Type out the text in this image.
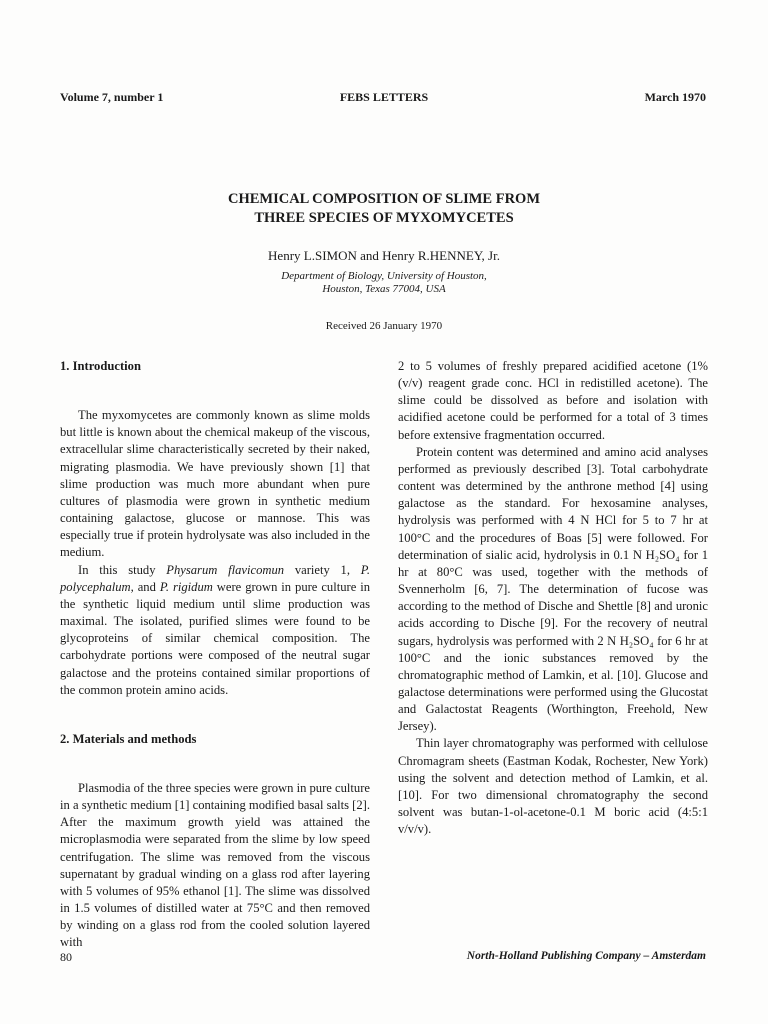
Volume 7, number 1	FEBS LETTERS	March 1970
CHEMICAL COMPOSITION OF SLIME FROM
THREE SPECIES OF MYXOMYCETES
Henry L.SIMON and Henry R.HENNEY, Jr.
Department of Biology, University of Houston,
Houston, Texas 77004, USA
Received 26 January 1970

1. Introduction

The myxomycetes are commonly known as slime molds but little is known about the chemical makeup of the viscous, extracellular slime characteristically secreted by their naked, migrating plasmodia. We have previously shown [1] that slime production was much more abundant when pure cultures of plasmodia were grown in synthetic medium containing galactose, glucose or mannose. This was especially true if protein hydrolysate was also included in the medium.

In this study Physarum flavicomun variety 1, P. polycephalum, and P. rigidum were grown in pure culture in the synthetic liquid medium until slime production was maximal. The isolated, purified slimes were found to be glycoproteins of similar chemical composition. The carbohydrate portions were composed of the neutral sugar galactose and the proteins contained similar proportions of the common protein amino acids.

2. Materials and methods

Plasmodia of the three species were grown in pure culture in a synthetic medium [1] containing modified basal salts [2]. After the maximum growth yield was attained the microplasmodia were separated from the slime by low speed centrifugation. The slime was removed from the viscous supernatant by gradual winding on a glass rod after layering with 5 volumes of 95% ethanol [1]. The slime was dissolved in 1.5 volumes of distilled water at 75°C and then removed by winding on a glass rod from the cooled solution layered with

2 to 5 volumes of freshly prepared acidified acetone (1% (v/v) reagent grade conc. HCl in redistilled acetone). The slime could be dissolved as before and isolation with acidified acetone could be performed for a total of 3 times before extensive fragmentation occurred.

Protein content was determined and amino acid analyses performed as previously described [3]. Total carbohydrate content was determined by the anthrone method [4] using galactose as the standard. For hexosamine analyses, hydrolysis was performed with 4 N HCl for 5 to 7 hr at 100°C and the procedures of Boas [5] were followed. For determination of sialic acid, hydrolysis in 0.1 N H₂SO₄ for 1 hr at 80°C was used, together with the methods of Svennerholm [6, 7]. The determination of fucose was according to the method of Dische and Shettle [8] and uronic acids according to Dische [9]. For the recovery of neutral sugars, hydrolysis was performed with 2 N H₂SO₄ for 6 hr at 100°C and the ionic substances removed by the chromatographic method of Lamkin, et al. [10]. Glucose and galactose determinations were performed using the Glucostat and Galactostat Reagents (Worthington, Freehold, New Jersey).

Thin layer chromatography was performed with cellulose Chromagram sheets (Eastman Kodak, Rochester, New York) using the solvent and detection method of Lamkin, et al. [10]. For two dimensional chromatography the second solvent was butan-1-ol-acetone-0.1 M boric acid (4:5:1 v/v/v).

80	North-Holland Publishing Company – Amsterdam
